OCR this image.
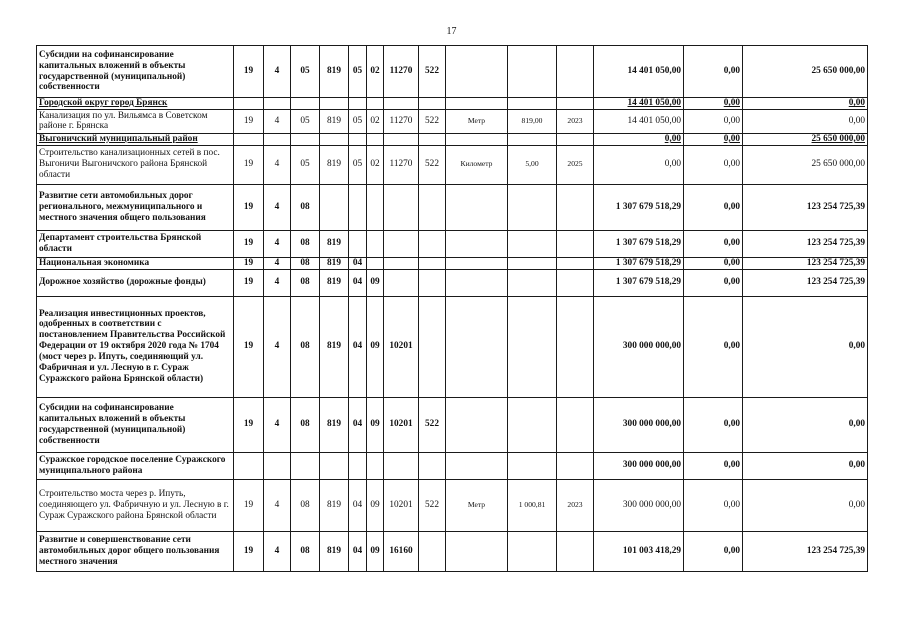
17
Субсидии на софинансирование капитальных вложений в объекты государственной (муниципальной) собственности	19	4	05	819	05	02	11270	522				14 401 050,00	0,00	25 650 000,00
Городской округ город Брянск												14 401 050,00	0,00	0,00
Канализация по ул. Вильямса в Советском районе г. Брянска	19	4	05	819	05	02	11270	522	Метр	819,00	2023	14 401 050,00	0,00	0,00
Выгоничский муниципальный район												0,00	0,00	25 650 000,00
Строительство канализационных сетей в пос. Выгоничи Выгоничского района Брянской области	19	4	05	819	05	02	11270	522	Километр	5,00	2025	0,00	0,00	25 650 000,00
Развитие сети автомобильных дорог регионального, межмуниципального и местного значения общего пользования	19	4	08									1 307 679 518,29	0,00	123 254 725,39
Департамент строительства Брянской области	19	4	08	819								1 307 679 518,29	0,00	123 254 725,39
Национальная экономика	19	4	08	819	04							1 307 679 518,29	0,00	123 254 725,39
Дорожное хозяйство (дорожные фонды)	19	4	08	819	04	09						1 307 679 518,29	0,00	123 254 725,39
Реализация инвестиционных проектов, одобренных в соответствии с постановлением Правительства Российской Федерации от 19 октября 2020 года № 1704 (мост через р. Ипуть, соединяющий ул. Фабричная и ул. Лесную в г. Сураж Суражского района Брянской области)	19	4	08	819	04	09	10201					300 000 000,00	0,00	0,00
Субсидии на софинансирование капитальных вложений в объекты государственной (муниципальной) собственности	19	4	08	819	04	09	10201	522				300 000 000,00	0,00	0,00
Суражское городское поселение Суражского муниципального района												300 000 000,00	0,00	0,00
Строительство моста через р. Ипуть, соединяющего ул. Фабричную и ул. Лесную в г. Сураж Суражского района Брянской области	19	4	08	819	04	09	10201	522	Метр	1 000,81	2023	300 000 000,00	0,00	0,00
Развитие и совершенствование сети автомобильных дорог общего пользования местного значения	19	4	08	819	04	09	16160					101 003 418,29	0,00	123 254 725,39
